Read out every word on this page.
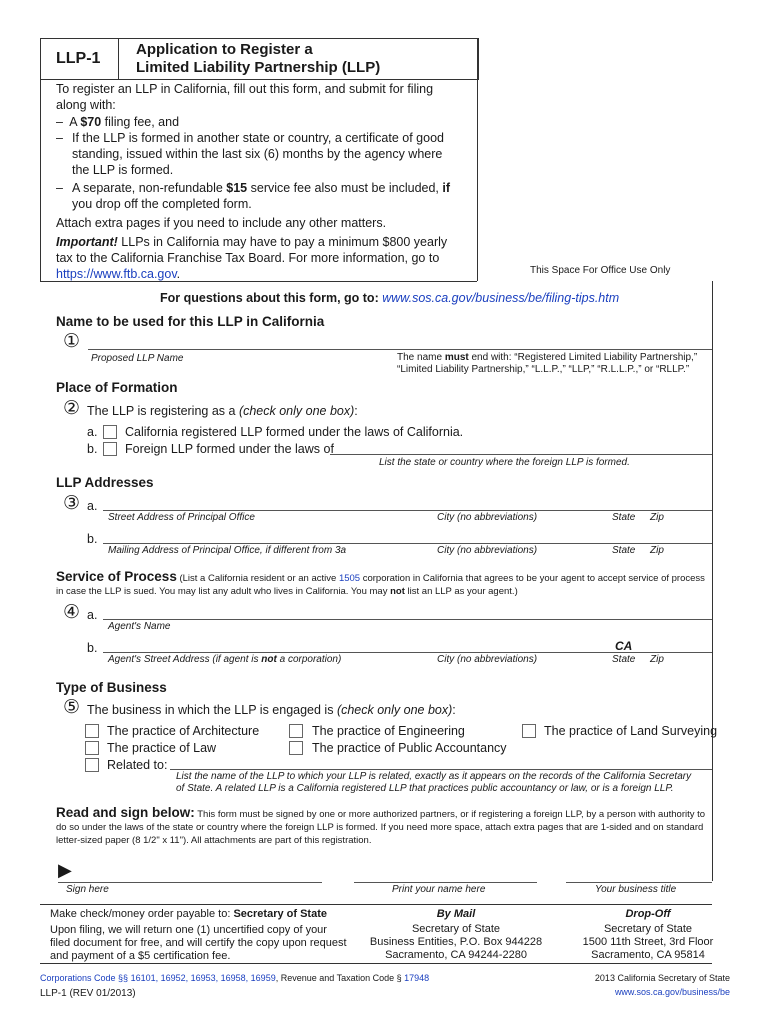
LLP-1
Application to Register a
Limited Liability Partnership (LLP)
This Space For Office Use Only
To register an LLP in California, fill out this form, and submit for filing along with:
–  A $70 filing fee, and
– If the LLP is formed in another state or country, a certificate of good standing, issued within the last six (6) months by the agency where the LLP is formed.
– A separate, non-refundable $15 service fee also must be included, if you drop off the completed form.
Attach extra pages if you need to include any other matters.
Important! LLPs in California may have to pay a minimum $800 yearly tax to the California Franchise Tax Board. For more information, go to https://www.ftb.ca.gov.
For questions about this form, go to: www.sos.ca.gov/business/be/filing-tips.htm
Name to be used for this LLP in California
①
Proposed LLP Name	The name must end with: “Registered Limited Liability Partnership,”
“Limited Liability Partnership,” “L.L.P.,” “LLP,” “R.L.L.P.,” or “RLLP.”
Place of Formation
② The LLP is registering as a (check only one box):
a. California registered LLP formed under the laws of California.
b. Foreign LLP formed under the laws of
List the state or country where the foreign LLP is formed.
LLP Addresses
③ a.
Street Address of Principal Office	City (no abbreviations)	State Zip
b.
Mailing Address of Principal Office, if different from 3a	City (no abbreviations)	State Zip
Service of Process (List a California resident or an active 1505 corporation in California that agrees to be your agent to accept service of process in case the LLP is sued. You may list any adult who lives in California. You may not list an LLP as your agent.)
④ a.
Agent's Name
b.	CA
Agent's Street Address (if agent is not a corporation)	City (no abbreviations)	State Zip
Type of Business
⑤ The business in which the LLP is engaged is (check only one box):
The practice of Architecture	The practice of Engineering	The practice of Land Surveying
The practice of Law	The practice of Public Accountancy
Related to:
List the name of the LLP to which your LLP is related, exactly as it appears on the records of the California Secretary
of State. A related LLP is a California registered LLP that practices public accountancy or law, or is a foreign LLP.
Read and sign below: This form must be signed by one or more authorized partners, or if registering a foreign LLP, by a person with authority to do so under the laws of the state or country where the foreign LLP is formed. If you need more space, attach extra pages that are 1-sided and on standard letter-sized paper (8 1/2" x 11"). All attachments are part of this registration.
▶
Sign here	Print your name here	Your business title
Make check/money order payable to: Secretary of State
Upon filing, we will return one (1) uncertified copy of your filed document for free, and will certify the copy upon request and payment of a $5 certification fee.
By Mail
Secretary of State
Business Entities, P.O. Box 944228
Sacramento, CA 94244-2280
Drop-Off
Secretary of State
1500 11th Street, 3rd Floor
Sacramento, CA 95814
Corporations Code §§ 16101, 16952, 16953, 16958, 16959, Revenue and Taxation Code § 17948
LLP-1 (REV 01/2013)
2013 California Secretary of State
www.sos.ca.gov/business/be
